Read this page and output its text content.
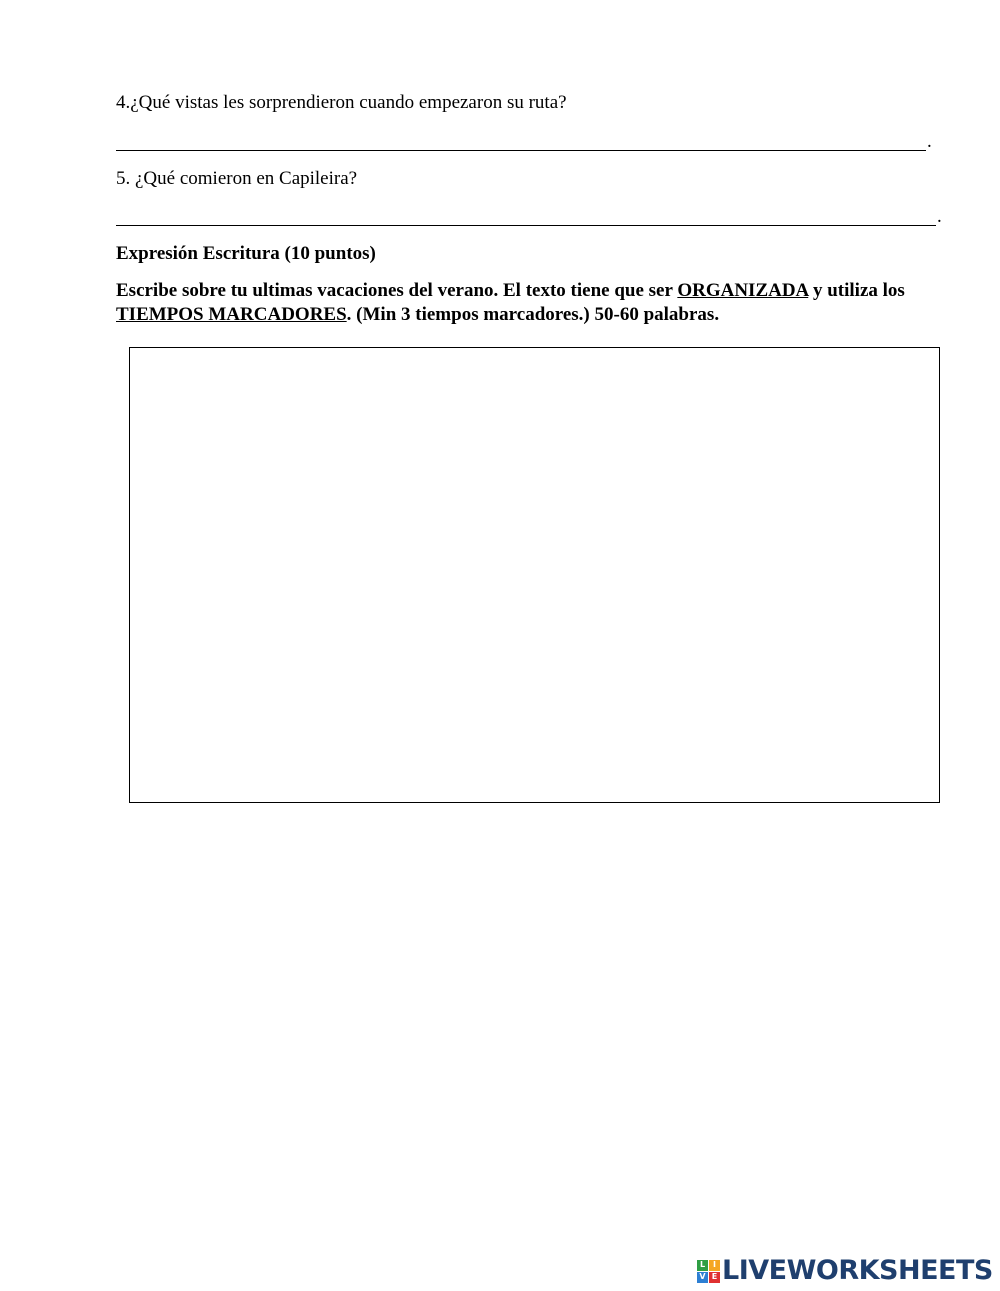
4.¿Qué vistas les sorprendieron cuando empezaron su ruta?
.
5. ¿Qué comieron en Capileira?
.
Expresión Escritura (10 puntos)
Escribe sobre tu ultimas vacaciones del verano. El texto tiene que ser ORGANIZADA y utiliza los
TIEMPOS MARCADORES. (Min 3 tiempos marcadores.) 50-60 palabras.
L I
V E LIVEWORKSHEETS
